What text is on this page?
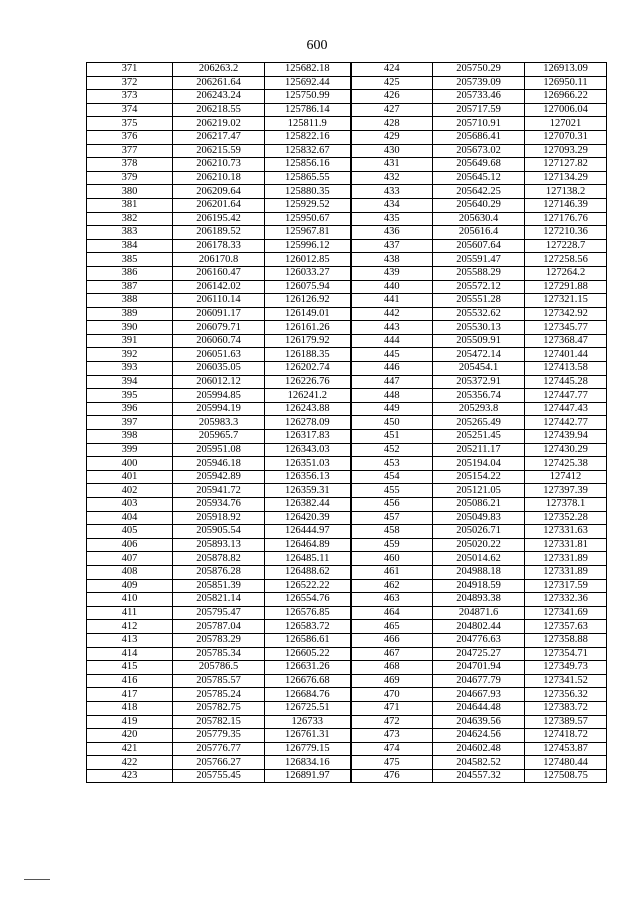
600
371	206263.2	125682.18	424	205750.29	126913.09
372	206261.64	125692.44	425	205739.09	126950.11
373	206243.24	125750.99	426	205733.46	126966.22
374	206218.55	125786.14	427	205717.59	127006.04
375	206219.02	125811.9	428	205710.91	127021
376	206217.47	125822.16	429	205686.41	127070.31
377	206215.59	125832.67	430	205673.02	127093.29
378	206210.73	125856.16	431	205649.68	127127.82
379	206210.18	125865.55	432	205645.12	127134.29
380	206209.64	125880.35	433	205642.25	127138.2
381	206201.64	125929.52	434	205640.29	127146.39
382	206195.42	125950.67	435	205630.4	127176.76
383	206189.52	125967.81	436	205616.4	127210.36
384	206178.33	125996.12	437	205607.64	127228.7
385	206170.8	126012.85	438	205591.47	127258.56
386	206160.47	126033.27	439	205588.29	127264.2
387	206142.02	126075.94	440	205572.12	127291.88
388	206110.14	126126.92	441	205551.28	127321.15
389	206091.17	126149.01	442	205532.62	127342.92
390	206079.71	126161.26	443	205530.13	127345.77
391	206060.74	126179.92	444	205509.91	127368.47
392	206051.63	126188.35	445	205472.14	127401.44
393	206035.05	126202.74	446	205454.1	127413.58
394	206012.12	126226.76	447	205372.91	127445.28
395	205994.85	126241.2	448	205356.74	127447.77
396	205994.19	126243.88	449	205293.8	127447.43
397	205983.3	126278.09	450	205265.49	127442.77
398	205965.7	126317.83	451	205251.45	127439.94
399	205951.08	126343.03	452	205211.17	127430.29
400	205946.18	126351.03	453	205194.04	127425.38
401	205942.89	126356.13	454	205154.22	127412
402	205941.72	126359.31	455	205121.05	127397.39
403	205934.76	126382.44	456	205086.21	127378.1
404	205918.92	126420.39	457	205049.83	127352.28
405	205905.54	126444.97	458	205026.71	127331.63
406	205893.13	126464.89	459	205020.22	127331.81
407	205878.82	126485.11	460	205014.62	127331.89
408	205876.28	126488.62	461	204988.18	127331.89
409	205851.39	126522.22	462	204918.59	127317.59
410	205821.14	126554.76	463	204893.38	127332.36
411	205795.47	126576.85	464	204871.6	127341.69
412	205787.04	126583.72	465	204802.44	127357.63
413	205783.29	126586.61	466	204776.63	127358.88
414	205785.34	126605.22	467	204725.27	127354.71
415	205786.5	126631.26	468	204701.94	127349.73
416	205785.57	126676.68	469	204677.79	127341.52
417	205785.24	126684.76	470	204667.93	127356.32
418	205782.75	126725.51	471	204644.48	127383.72
419	205782.15	126733	472	204639.56	127389.57
420	205779.35	126761.31	473	204624.56	127418.72
421	205776.77	126779.15	474	204602.48	127453.87
422	205766.27	126834.16	475	204582.52	127480.44
423	205755.45	126891.97	476	204557.32	127508.75
